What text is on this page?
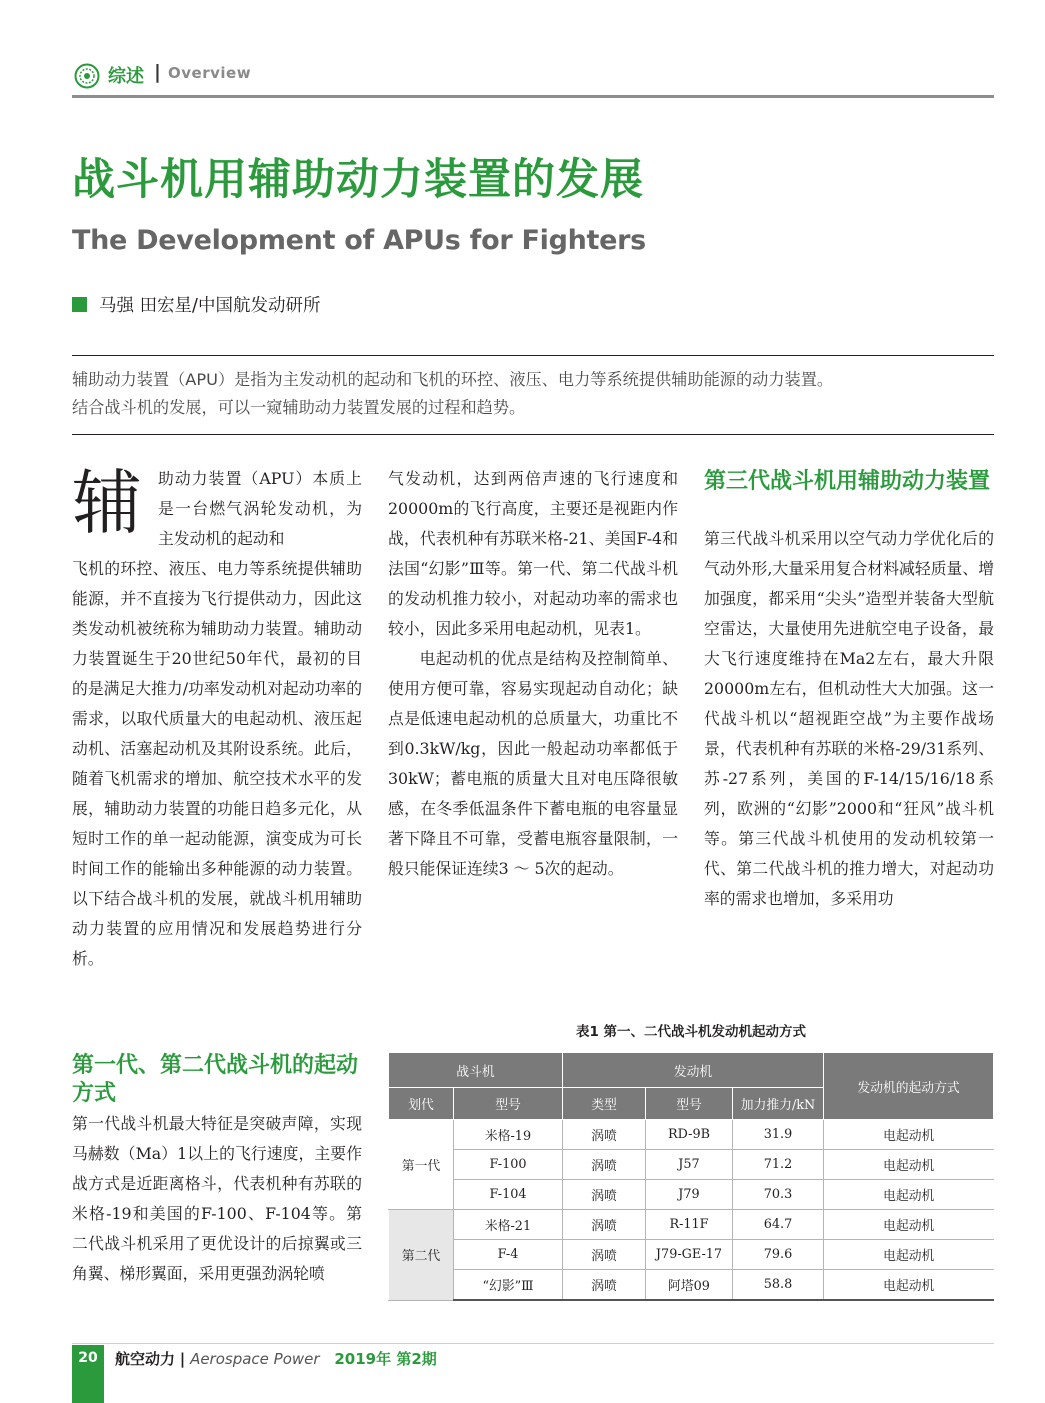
综述 | Overview
战斗机用辅助动力装置的发展
The Development of APUs for Fighters
马强 田宏星/中国航发动研所
辅助动力装置（APU）是指为主发动机的起动和飞机的环控、液压、电力等系统提供辅助能源的动力装置。
结合战斗机的发展，可以一窥辅助动力装置发展的过程和趋势。
辅 助动力装置（APU）本质上是一台燃气涡轮发动机，为主发动机的起动和
飞机的环控、液压、电力等系统提供辅助能源，并不直接为飞行提供动力，因此这类发动机被统称为辅助动力装置。辅助动力装置诞生于20世纪50年代，最初的目的是满足大推力/功率发动机对起动功率的需求，以取代质量大的电起动机、液压起动机、活塞起动机及其附设系统。此后，随着飞机需求的增加、航空技术水平的发展，辅助动力装置的功能日趋多元化，从短时工作的单一起动能源，演变成为可长时间工作的能输出多种能源的动力装置。以下结合战斗机的发展，就战斗机用辅助动力装置的应用情况和发展趋势进行分析。
第一代、第二代战斗机的起动方式
第一代战斗机最大特征是突破声障，实现马赫数（Ma）1以上的飞行速度，主要作战方式是近距离格斗，代表机种有苏联的米格-19和美国的F-100、F-104等。第二代战斗机采用了更优设计的后掠翼或三角翼、梯形翼面，采用更强劲涡轮喷
气发动机，达到两倍声速的飞行速度和20000m的飞行高度，主要还是视距内作战，代表机种有苏联米格-21、美国F-4和法国“幻影”Ⅲ等。第一代、第二代战斗机的发动机推力较小，对起动功率的需求也较小，因此多采用电起动机，见表1。
电起动机的优点是结构及控制简单、使用方便可靠，容易实现起动自动化；缺点是低速电起动机的总质量大，功重比不到0.3kW/kg，因此一般起动功率都低于30kW；蓄电瓶的质量大且对电压降很敏感，在冬季低温条件下蓄电瓶的电容量显著下降且不可靠，受蓄电瓶容量限制，一般只能保证连续3 ～ 5次的起动。
第三代战斗机用辅助动力装置
第三代战斗机采用以空气动力学优化后的气动外形,大量采用复合材料减轻质量、增加强度，都采用“尖头”造型并装备大型航空雷达，大量使用先进航空电子设备，最大飞行速度维持在Ma2左右，最大升限20000m左右，但机动性大大加强。这一代战斗机以“超视距空战”为主要作战场景，代表机种有苏联的米格-29/31系列、苏-27系列，美国的F-14/15/16/18系列，欧洲的“幻影”2000和“狂风”战斗机等。第三代战斗机使用的发动机较第一代、第二代战斗机的推力增大，对起动功率的需求也增加，多采用功
表1 第一、二代战斗机发动机起动方式
战斗机		发动机			发动机的起动方式
划代	型号	类型	型号	加力推力/kN	
第一代	米格-19	涡喷	RD-9B	31.9	电起动机
	F-100	涡喷	J57	71.2	电起动机
	F-104	涡喷	J79	70.3	电起动机
第二代	米格-21	涡喷	R-11F	64.7	电起动机
	F-4	涡喷	J79-GE-17	79.6	电起动机
	“幻影”Ⅲ	涡喷	阿塔09	58.8	电起动机
20	航空动力 | Aerospace Power 2019年 第2期
